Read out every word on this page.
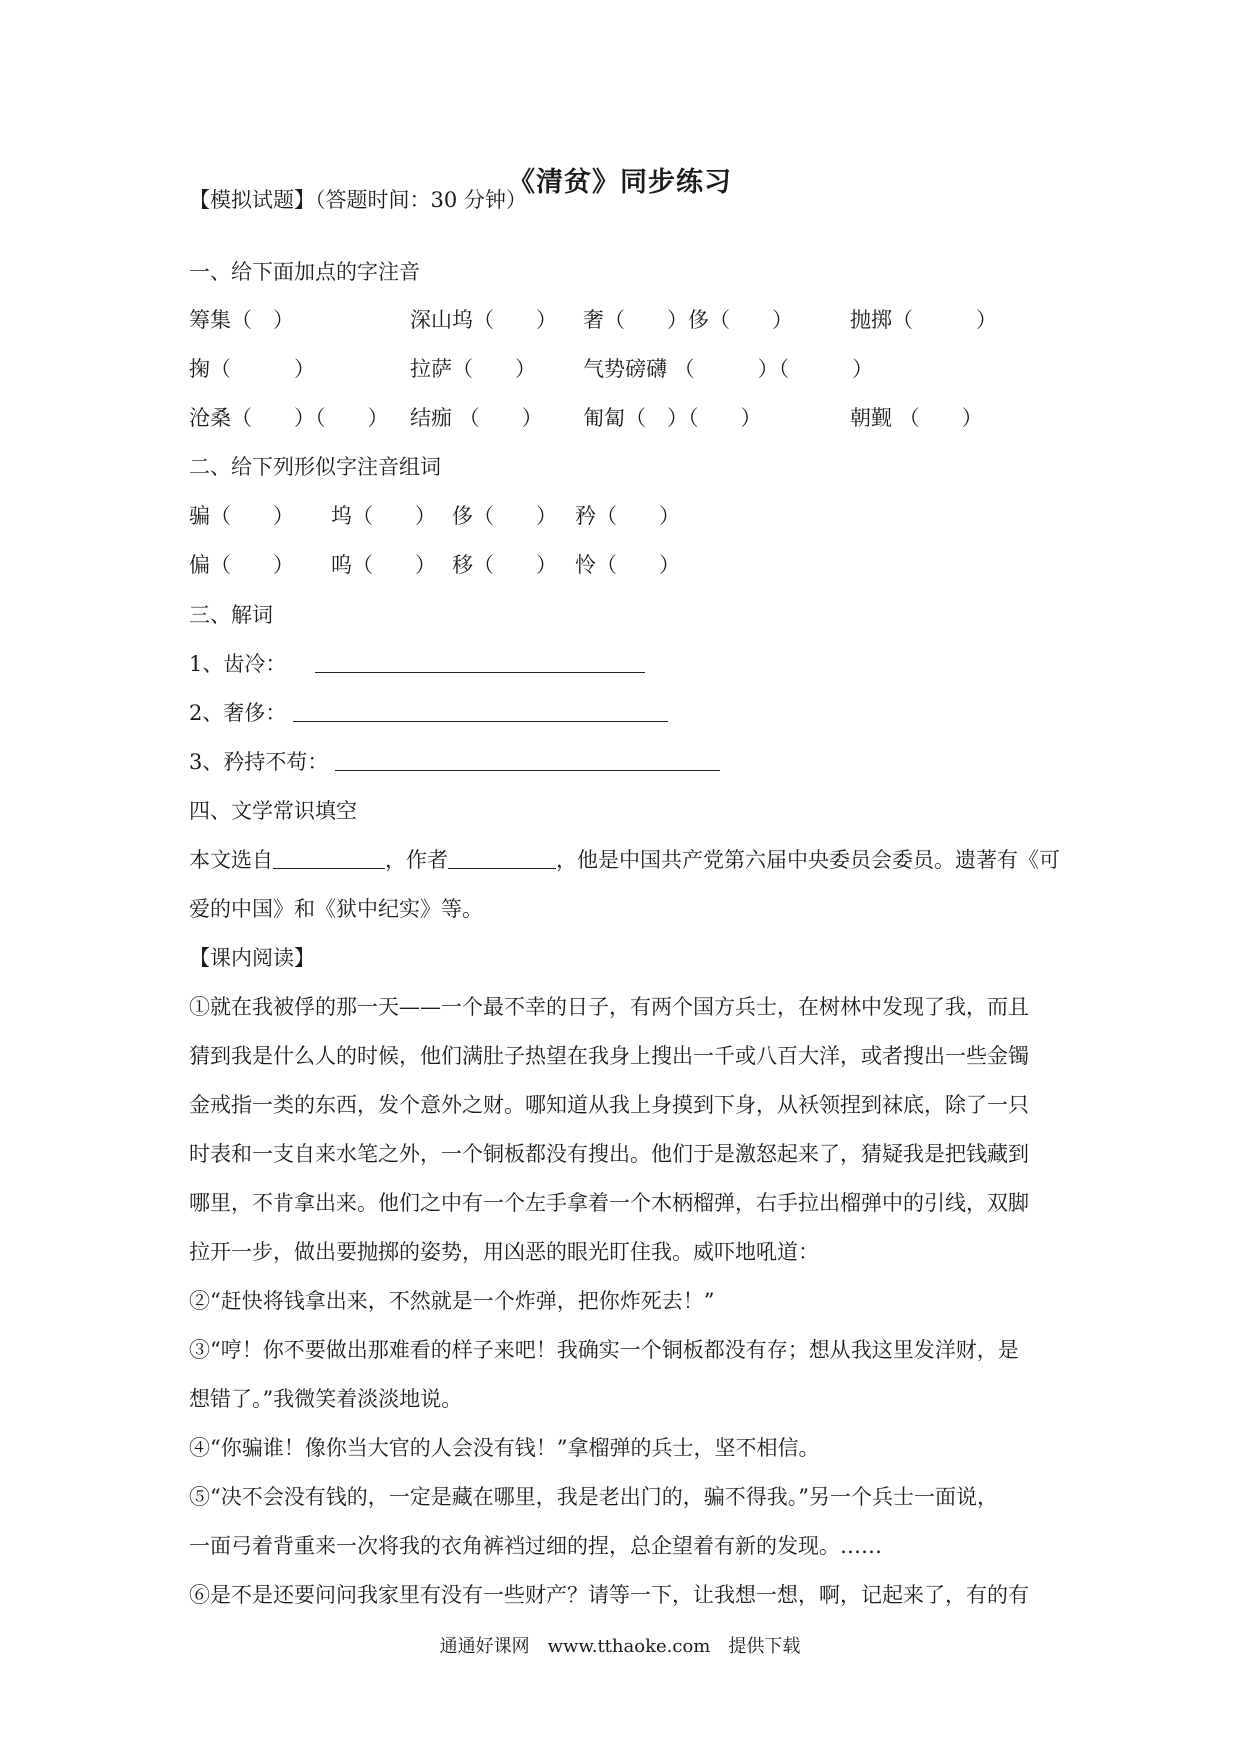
《清贫》同步练习
【模拟试题】（答题时间：30 分钟）
一、给下面加点的字注音
筹集（　）	深山坞（　　） 奢（　　）侈（　　）	抛掷（　　　）
掬（　　　）	拉萨（　　） 气势磅礴 （　　　）（　　　）
沧桑（　　）（　　） 结痂 （　　） 匍匐（　）（　　）	朝觐 （　　）
二、给下列形似字注音组词
骗（　　） 坞（　　） 侈（　　） 矜（　　）
偏（　　） 呜（　　） 移（　　） 怜（　　）
三、解词
1、齿冷：
2、奢侈：
3、矜持不苟：
四、文学常识填空
本文选自	，作者	，他是中国共产党第六届中央委员会委员。遗著有《可
爱的中国》和《狱中纪实》等。
【课内阅读】
①就在我被俘的那一天——一个最不幸的日子，有两个国方兵士，在树林中发现了我，而且
猜到我是什么人的时候，他们满肚子热望在我身上搜出一千或八百大洋，或者搜出一些金镯
金戒指一类的东西，发个意外之财。哪知道从我上身摸到下身，从袄领捏到袜底，除了一只
时表和一支自来水笔之外，一个铜板都没有搜出。他们于是激怒起来了，猜疑我是把钱藏到
哪里，不肯拿出来。他们之中有一个左手拿着一个木柄榴弹，右手拉出榴弹中的引线，双脚
拉开一步，做出要抛掷的姿势，用凶恶的眼光盯住我。威吓地吼道：
②“赶快将钱拿出来，不然就是一个炸弹，把你炸死去！”
③“哼！你不要做出那难看的样子来吧！我确实一个铜板都没有存；想从我这里发洋财，是
想错了。”我微笑着淡淡地说。
④“你骗谁！像你当大官的人会没有钱！”拿榴弹的兵士，坚不相信。
⑤“决不会没有钱的，一定是藏在哪里，我是老出门的，骗不得我。”另一个兵士一面说，
一面弓着背重来一次将我的衣角裤裆过细的捏，总企望着有新的发现。……
⑥是不是还要问问我家里有没有一些财产？请等一下，让我想一想，啊，记起来了，有的有
通通好课网　www.tthaoke.com　提供下载
